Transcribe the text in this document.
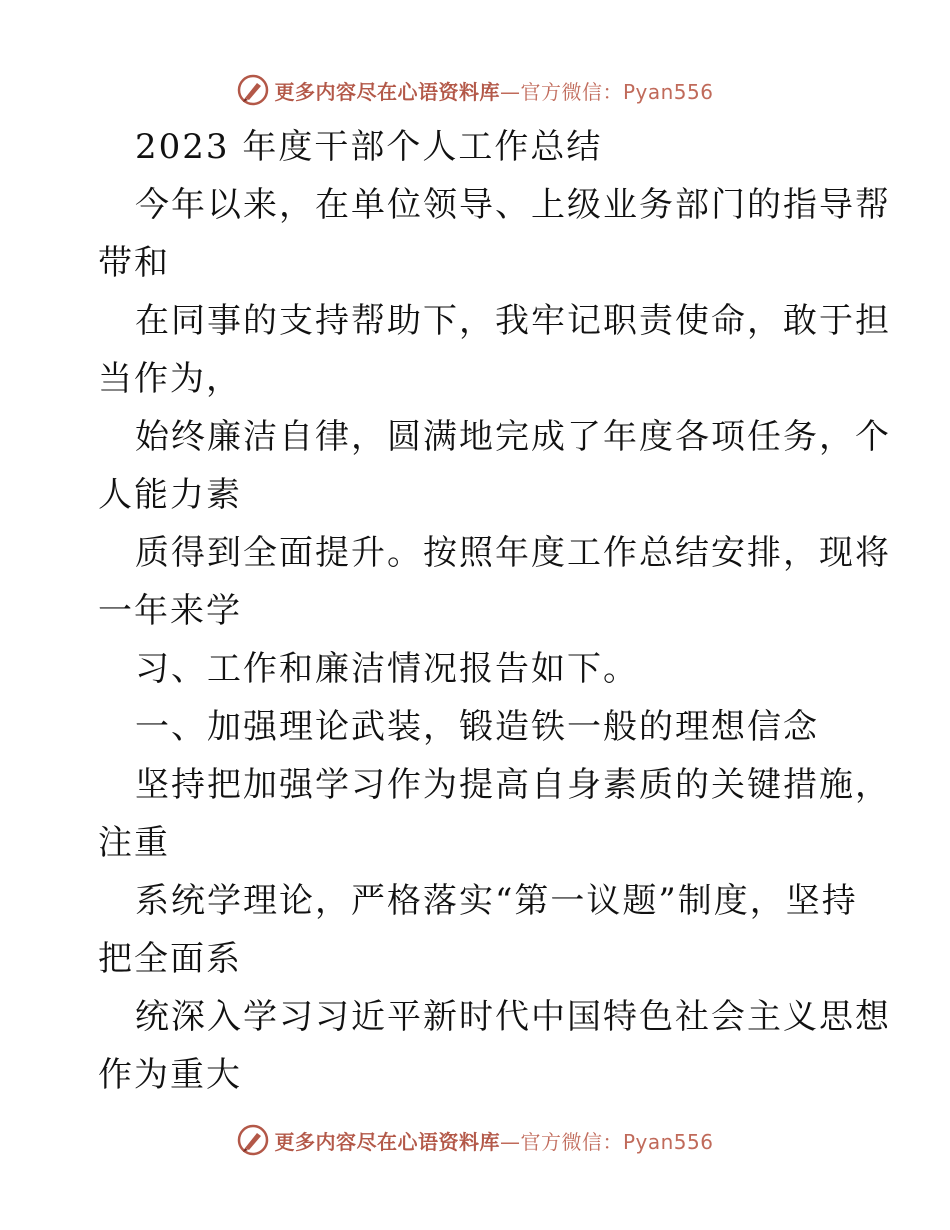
更多内容尽在心语资料库—官方微信：Pyan556
2023 年度干部个人工作总结
今年以来，在单位领导、上级业务部门的指导帮
带和
在同事的支持帮助下，我牢记职责使命，敢于担
当作为，
始终廉洁自律，圆满地完成了年度各项任务，个
人能力素
质得到全面提升。按照年度工作总结安排，现将
一年来学
习、工作和廉洁情况报告如下。
一、加强理论武装，锻造铁一般的理想信念
坚持把加强学习作为提高自身素质的关键措施，
注重
系统学理论，严格落实“第一议题”制度，坚持
把全面系
统深入学习习近平新时代中国特色社会主义思想
作为重大
更多内容尽在心语资料库—官方微信：Pyan556
